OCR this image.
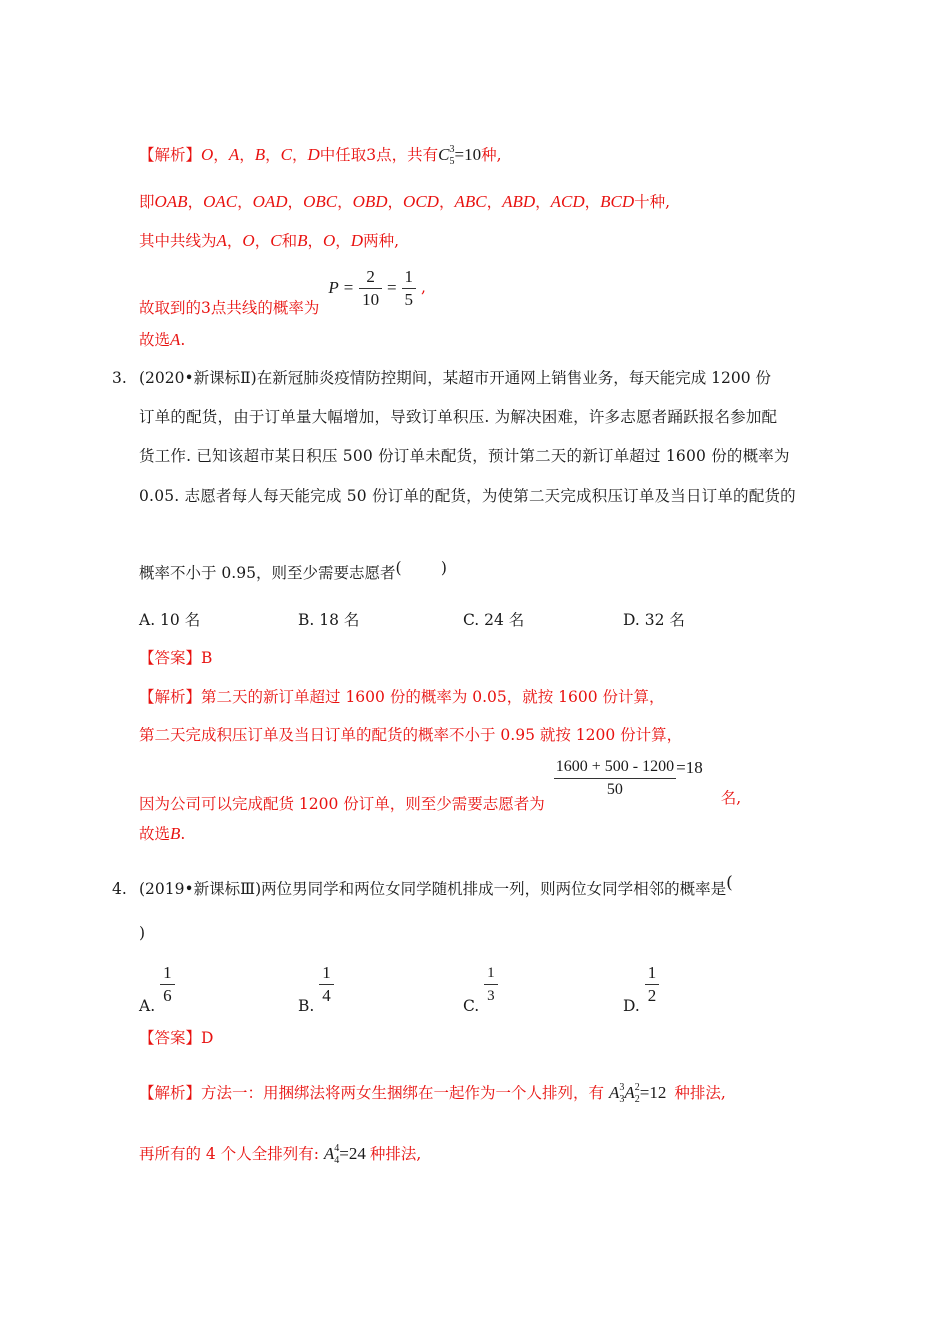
【解析】O，A，B，C，D中任取3点，共有$C^3_5=10$种,
即OAB，OAC，OAD，OBC，OBD，OCD，ABC，ABD，ACD，BCD十种,
其中共线为A，O，C和B，O，D两种,
故取到的3点共线的概率为 $P = \frac{2}{10} = \frac{1}{5}$ ,
故选A.
3. (2020•新课标Ⅱ)在新冠肺炎疫情防控期间，某超市开通网上销售业务，每天能完成 1200 份
订单的配货，由于订单量大幅增加，导致订单积压. 为解决困难，许多志愿者踊跃报名参加配
货工作. 已知该超市某日积压 500 份订单未配货，预计第二天的新订单超过 1600 份的概率为
0.05. 志愿者每人每天能完成 50 份订单的配货，为使第二天完成积压订单及当日订单的配货的
概率不小于 0.95，则至少需要志愿者(        )
A. 10 名	B. 18 名	C. 24 名	D. 32 名
【答案】B
【解析】第二天的新订单超过 1600 份的概率为 0.05，就按 1600 份计算，
第二天完成积压订单及当日订单的配货的概率不小于 0.95 就按 1200 份计算，
因为公司可以完成配货 1200 份订单，则至少需要志愿者为
$\frac{1600 + 500 - 1200}{50} =18$名,
故选B.
4. (2019•新课标Ⅲ)两位男同学和两位女同学随机排成一列，则两位女同学相邻的概率是(
)
A. $\frac{1}{6}$	B. $\frac{1}{4}$	C. $\frac{1}{3}$	D. $\frac{1}{2}$
【答案】D
【解析】方法一：用捆绑法将两女生捆绑在一起作为一个人排列，有 $A^3_3A^2_2=12$ 种排法,
再所有的 4 个人全排列有: $A^4_4=24$ 种排法,
